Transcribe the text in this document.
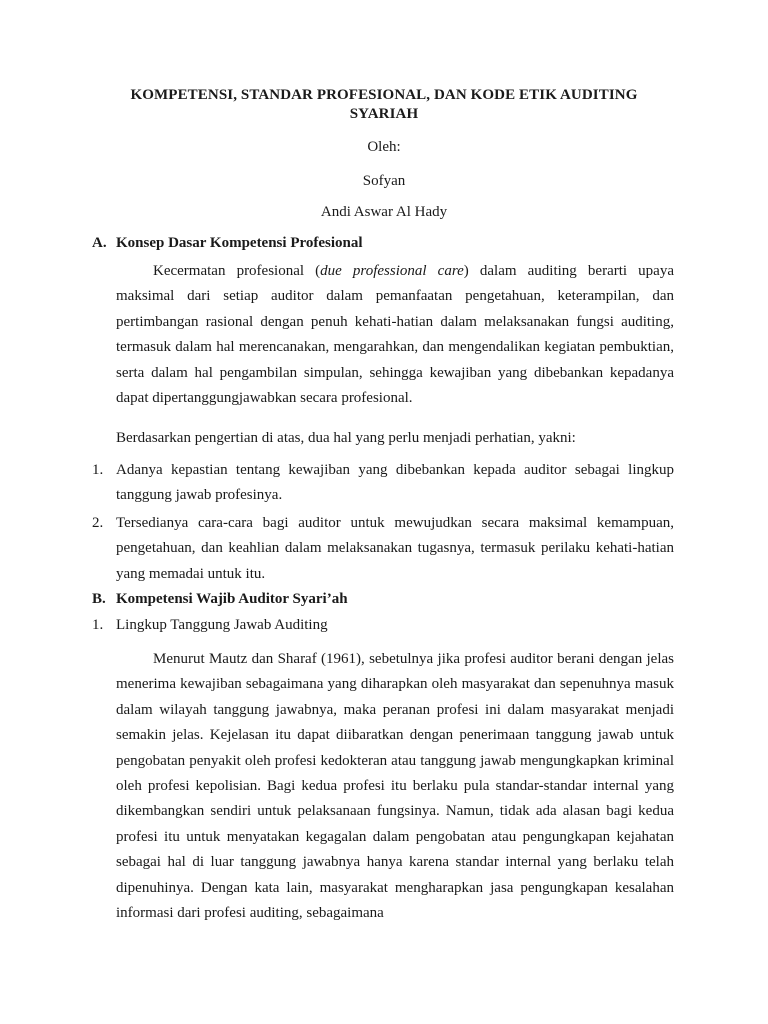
KOMPETENSI, STANDAR PROFESIONAL, DAN KODE ETIK AUDITING SYARIAH
Oleh:
Sofyan
Andi Aswar Al Hady
A. Konsep Dasar Kompetensi Profesional

Kecermatan profesional (due professional care) dalam auditing berarti upaya maksimal dari setiap auditor dalam pemanfaatan pengetahuan, keterampilan, dan pertimbangan rasional dengan penuh kehati-hatian dalam melaksanakan fungsi auditing, termasuk dalam hal merencanakan, mengarahkan, dan mengendalikan kegiatan pembuktian, serta dalam hal pengambilan simpulan, sehingga kewajiban yang dibebankan kepadanya dapat dipertanggungjawabkan secara profesional.

Berdasarkan pengertian di atas, dua hal yang perlu menjadi perhatian, yakni:
1. Adanya kepastian tentang kewajiban yang dibebankan kepada auditor sebagai lingkup tanggung jawab profesinya.
2. Tersedianya cara-cara bagi auditor untuk mewujudkan secara maksimal kemampuan, pengetahuan, dan keahlian dalam melaksanakan tugasnya, termasuk perilaku kehati-hatian yang memadai untuk itu.
B. Kompetensi Wajib Auditor Syari’ah
1. Lingkup Tanggung Jawab Auditing

Menurut Mautz dan Sharaf (1961), sebetulnya jika profesi auditor berani dengan jelas menerima kewajiban sebagaimana yang diharapkan oleh masyarakat dan sepenuhnya masuk dalam wilayah tanggung jawabnya, maka peranan profesi ini dalam masyarakat menjadi semakin jelas. Kejelasan itu dapat diibaratkan dengan penerimaan tanggung jawab untuk pengobatan penyakit oleh profesi kedokteran atau tanggung jawab mengungkapkan kriminal oleh profesi kepolisian. Bagi kedua profesi itu berlaku pula standar-standar internal yang dikembangkan sendiri untuk pelaksanaan fungsinya. Namun, tidak ada alasan bagi kedua profesi itu untuk menyatakan kegagalan dalam pengobatan atau pengungkapan kejahatan sebagai hal di luar tanggung jawabnya hanya karena standar internal yang berlaku telah dipenuhinya. Dengan kata lain, masyarakat mengharapkan jasa pengungkapan kesalahan informasi dari profesi auditing, sebagaimana
